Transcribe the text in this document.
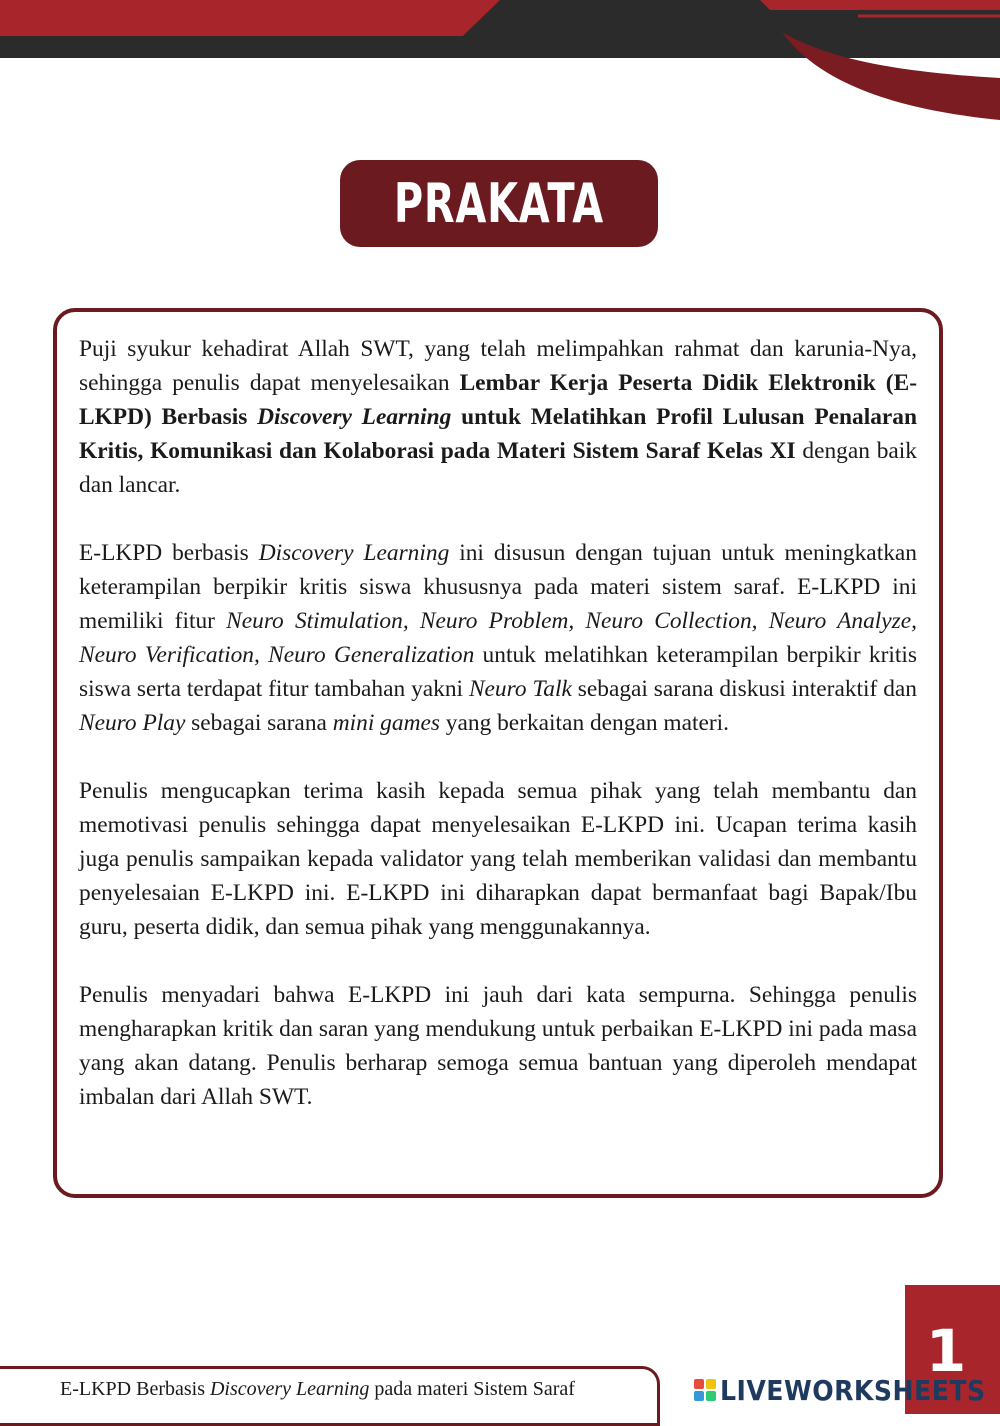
PRAKATA

Puji syukur kehadirat Allah SWT, yang telah melimpahkan rahmat dan karunia-Nya, sehingga penulis dapat menyelesaikan Lembar Kerja Peserta Didik Elektronik (E-LKPD) Berbasis Discovery Learning untuk Melatihkan Profil Lulusan Penalaran Kritis, Komunikasi dan Kolaborasi pada Materi Sistem Saraf Kelas XI dengan baik dan lancar.

E-LKPD berbasis Discovery Learning ini disusun dengan tujuan untuk meningkatkan keterampilan berpikir kritis siswa khususnya pada materi sistem saraf. E-LKPD ini memiliki fitur Neuro Stimulation, Neuro Problem, Neuro Collection, Neuro Analyze, Neuro Verification, Neuro Generalization untuk melatihkan keterampilan berpikir kritis siswa serta terdapat fitur tambahan yakni Neuro Talk sebagai sarana diskusi interaktif dan Neuro Play sebagai sarana mini games yang berkaitan dengan materi.

Penulis mengucapkan terima kasih kepada semua pihak yang telah membantu dan memotivasi penulis sehingga dapat menyelesaikan E-LKPD ini. Ucapan terima kasih juga penulis sampaikan kepada validator yang telah memberikan validasi dan membantu penyelesaian E-LKPD ini. E-LKPD ini diharapkan dapat bermanfaat bagi Bapak/Ibu guru, peserta didik, dan semua pihak yang menggunakannya.

Penulis menyadari bahwa E-LKPD ini jauh dari kata sempurna. Sehingga penulis mengharapkan kritik dan saran yang mendukung untuk perbaikan E-LKPD ini pada masa yang akan datang. Penulis berharap semoga semua bantuan yang diperoleh mendapat imbalan dari Allah SWT.

E-LKPD Berbasis Discovery Learning pada materi Sistem Saraf
1
LIVEWORKSHEETS
